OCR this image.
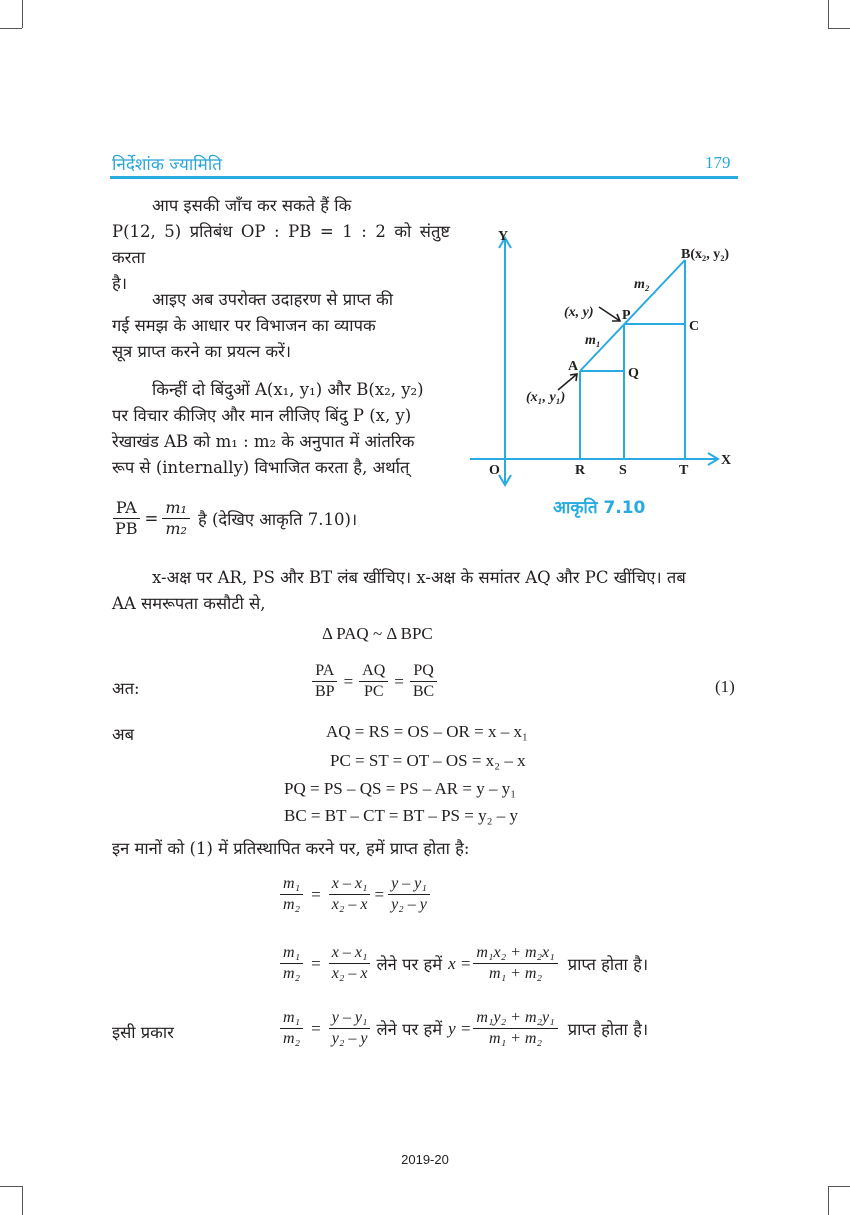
निर्देशांक ज्यामिति	179
आप इसकी जाँच कर सकते हैं कि
P(12, 5) प्रतिबंध OP : PB = 1 : 2 को संतुष्ट करता
है।
आइए अब उपरोक्त उदाहरण से प्राप्त की
गई समझ के आधार पर विभाजन का व्यापक
सूत्र प्राप्त करने का प्रयत्न करें।
किन्हीं दो बिंदुओं A(x₁, y₁) और B(x₂, y₂)
पर विचार कीजिए और मान लीजिए बिंदु P (x, y)
रेखाखंड AB को m₁ : m₂ के अनुपात में आंतरिक
रूप से (internally) विभाजित करता है, अर्थात्
$\frac{PA}{PB} = \frac{\text{m₁}}{\text{m₂}}$ है (देखिए आकृति 7.10)।
Y
X
O	R S	T
A
P
Q
C
B(x₂, y₂)
(x, y)
(x₁, y₁)
m₁
m₂
आकृति 7.10
x-अक्ष पर AR, PS और BT लंब खींचिए। x-अक्ष के समांतर AQ और PC खींचिए। तब
AA समरूपता कसौटी से,
Δ PAQ ~ Δ BPC
अत:	$\frac{PA}{BP} = \frac{AQ}{PC} = \frac{PQ}{BC}$	(1)
अब	AQ = RS = OS – OR = x – x₁
PC = ST = OT – OS = x₂ – x
PQ = PS – QS = PS – AR = y – y₁
BC = BT – CT = BT – PS = y₂ – y
इन मानों को (1) में प्रतिस्थापित करने पर, हमें प्राप्त होता है:
$\frac{\text{m₁}}{\text{m₂}} = \frac{\text{x – x₁}}{\text{x₂ – x}} = \frac{\text{y – y₁}}{\text{y₂ – y}}$
$\frac{\text{m₁}}{\text{m₂}} = \frac{\text{x – x₁}}{\text{x₂ – x}}$ लेने पर हमें $x = \frac{\text{m₁x₂ + m₂x₁}}{\text{m₁ + m₂}}$ प्राप्त होता है।
इसी प्रकार	$\frac{\text{m₁}}{\text{m₂}} = \frac{\text{y – y₁}}{\text{y₂ – y}}$ लेने पर हमें $y = \frac{\text{m₁y₂ + m₂y₁}}{\text{m₁ + m₂}}$ प्राप्त होता है।
2019-20
